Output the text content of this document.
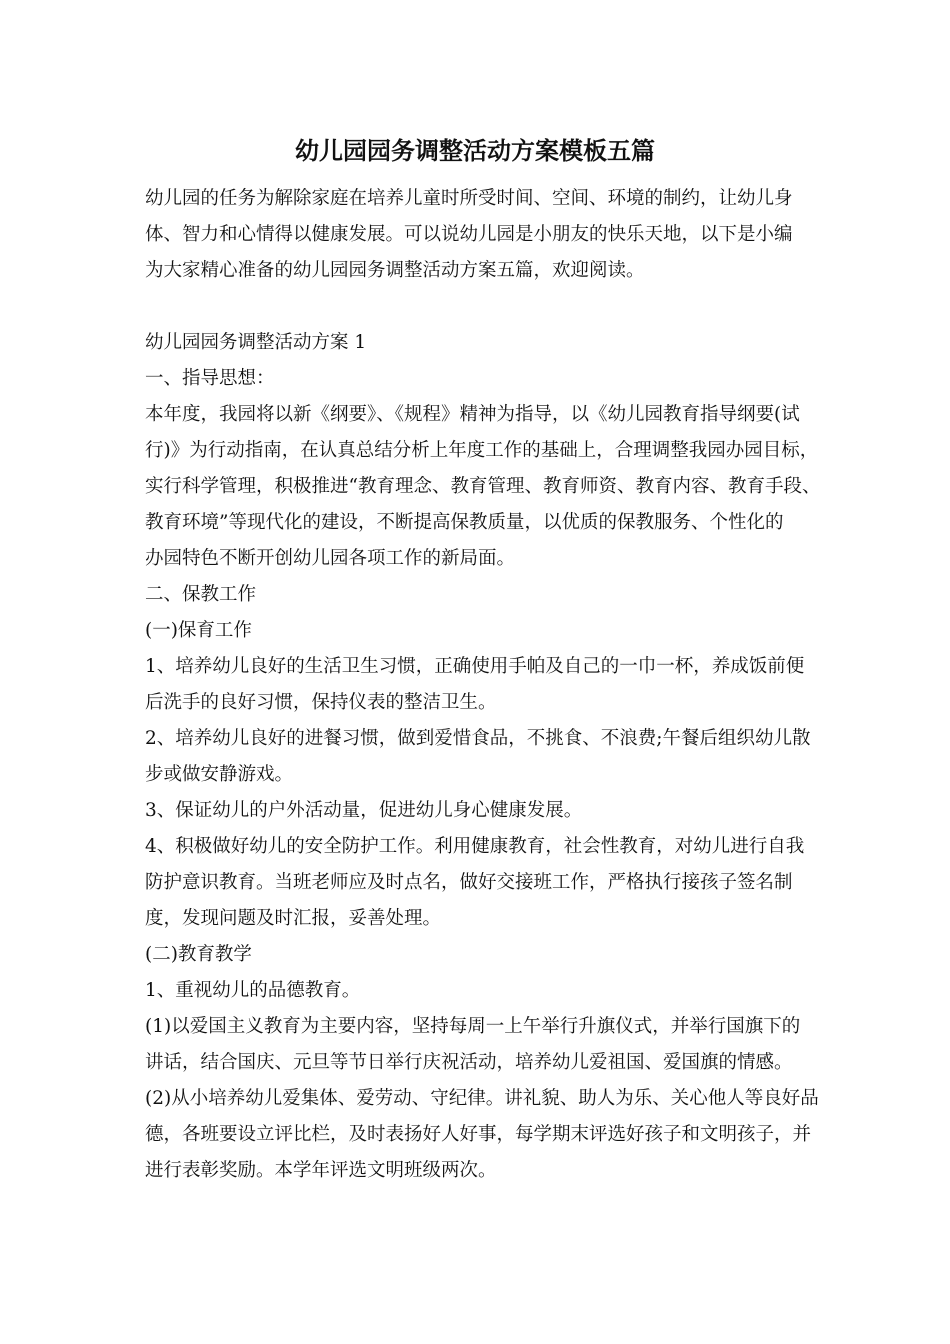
幼儿园园务调整活动方案模板五篇
幼儿园的任务为解除家庭在培养儿童时所受时间、空间、环境的制约，让幼儿身
体、智力和心情得以健康发展。可以说幼儿园是小朋友的快乐天地，以下是小编
为大家精心准备的幼儿园园务调整活动方案五篇，欢迎阅读。
幼儿园园务调整活动方案 1
一、指导思想：
本年度，我园将以新《纲要》、《规程》精神为指导，以《幼儿园教育指导纲要(试
行)》为行动指南，在认真总结分析上年度工作的基础上，合理调整我园办园目标，
实行科学管理，积极推进“教育理念、教育管理、教育师资、教育内容、教育手段、
教育环境”等现代化的建设，不断提高保教质量，以优质的保教服务、个性化的
办园特色不断开创幼儿园各项工作的新局面。
二、保教工作
(一)保育工作
1、培养幼儿良好的生活卫生习惯，正确使用手帕及自己的一巾一杯，养成饭前便
后洗手的良好习惯，保持仪表的整洁卫生。
2、培养幼儿良好的进餐习惯，做到爱惜食品，不挑食、不浪费;午餐后组织幼儿散
步或做安静游戏。
3、保证幼儿的户外活动量，促进幼儿身心健康发展。
4、积极做好幼儿的安全防护工作。利用健康教育，社会性教育，对幼儿进行自我
防护意识教育。当班老师应及时点名，做好交接班工作，严格执行接孩子签名制
度，发现问题及时汇报，妥善处理。
(二)教育教学
1、重视幼儿的品德教育。
(1)以爱国主义教育为主要内容，坚持每周一上午举行升旗仪式，并举行国旗下的
讲话，结合国庆、元旦等节日举行庆祝活动，培养幼儿爱祖国、爱国旗的情感。
(2)从小培养幼儿爱集体、爱劳动、守纪律。讲礼貌、助人为乐、关心他人等良好品
德，各班要设立评比栏，及时表扬好人好事，每学期末评选好孩子和文明孩子，并
进行表彰奖励。本学年评选文明班级两次。
